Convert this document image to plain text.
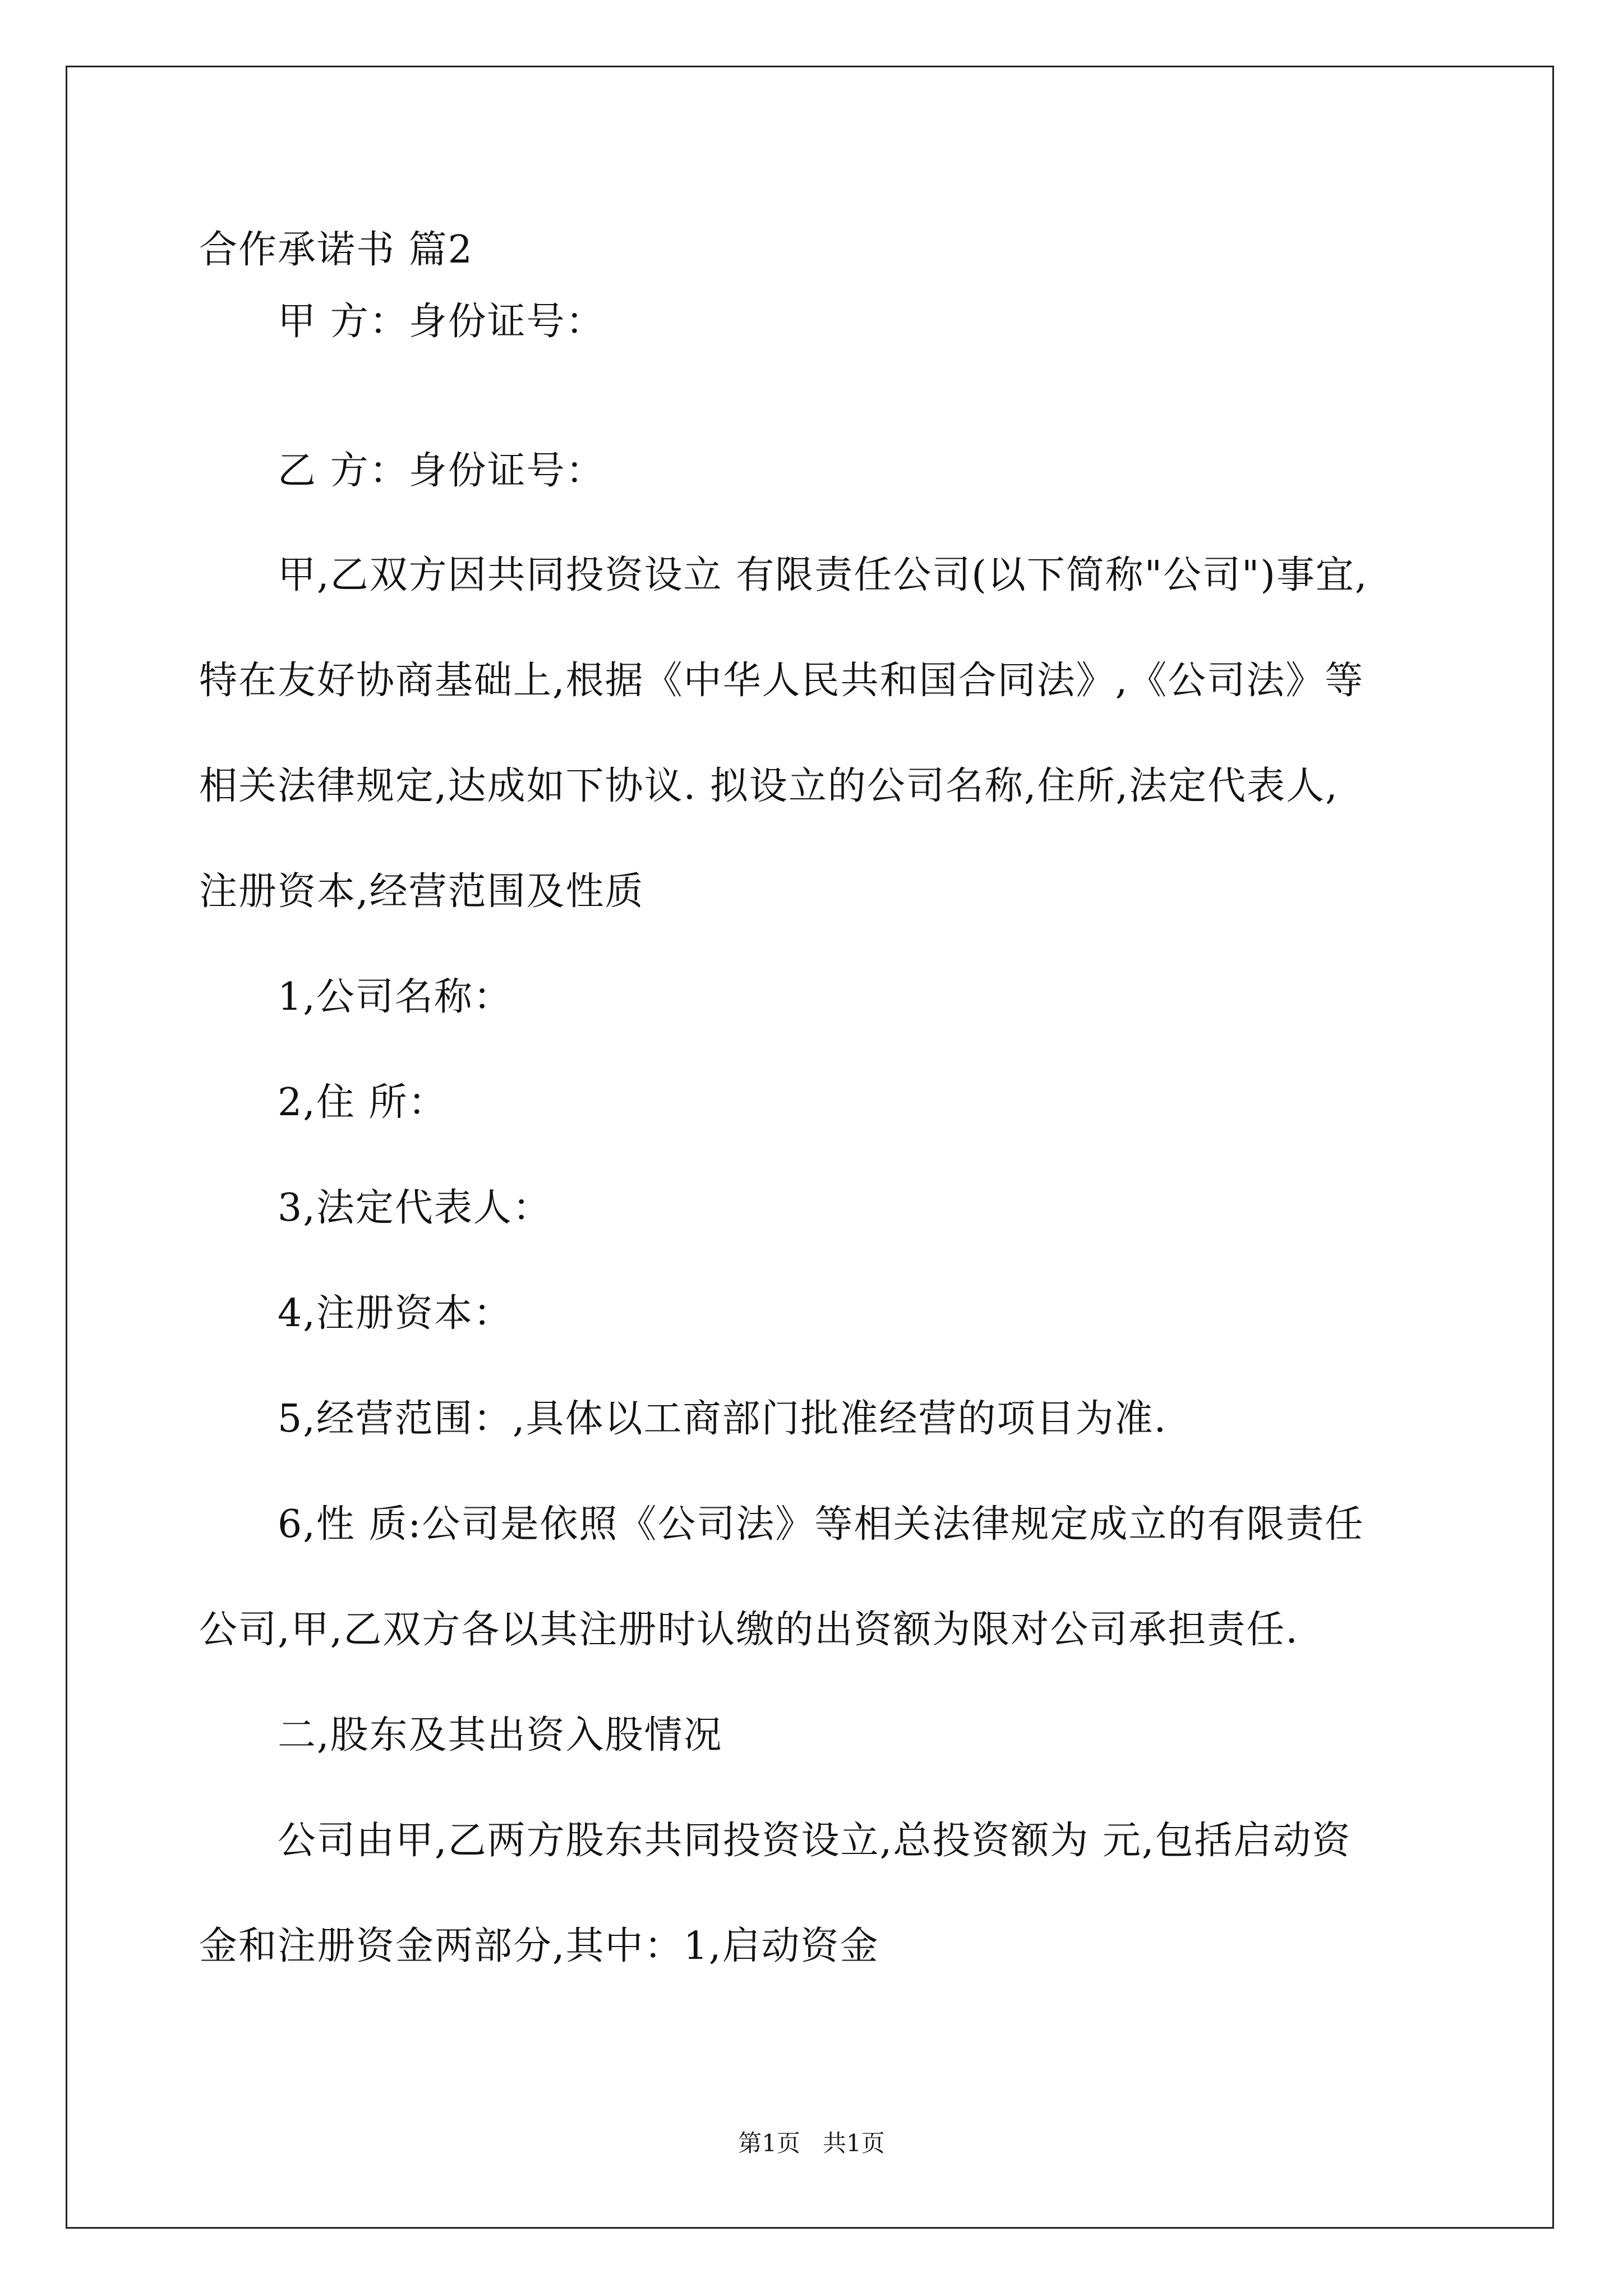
合作承诺书 篇2
甲 方：身份证号：
乙 方：身份证号：
甲,乙双方因共同投资设立 有限责任公司(以下简称"公司")事宜,
特在友好协商基础上,根据《中华人民共和国合同法》,《公司法》等
相关法律规定,达成如下协议. 拟设立的公司名称,住所,法定代表人,
注册资本,经营范围及性质
1,公司名称：
2,住 所：
3,法定代表人：
4,注册资本：
5,经营范围：,具体以工商部门批准经营的项目为准.
6,性 质:公司是依照《公司法》等相关法律规定成立的有限责任
公司,甲,乙双方各以其注册时认缴的出资额为限对公司承担责任.
二,股东及其出资入股情况
公司由甲,乙两方股东共同投资设立,总投资额为 元,包括启动资
金和注册资金两部分,其中：1,启动资金
第1页   共1页
